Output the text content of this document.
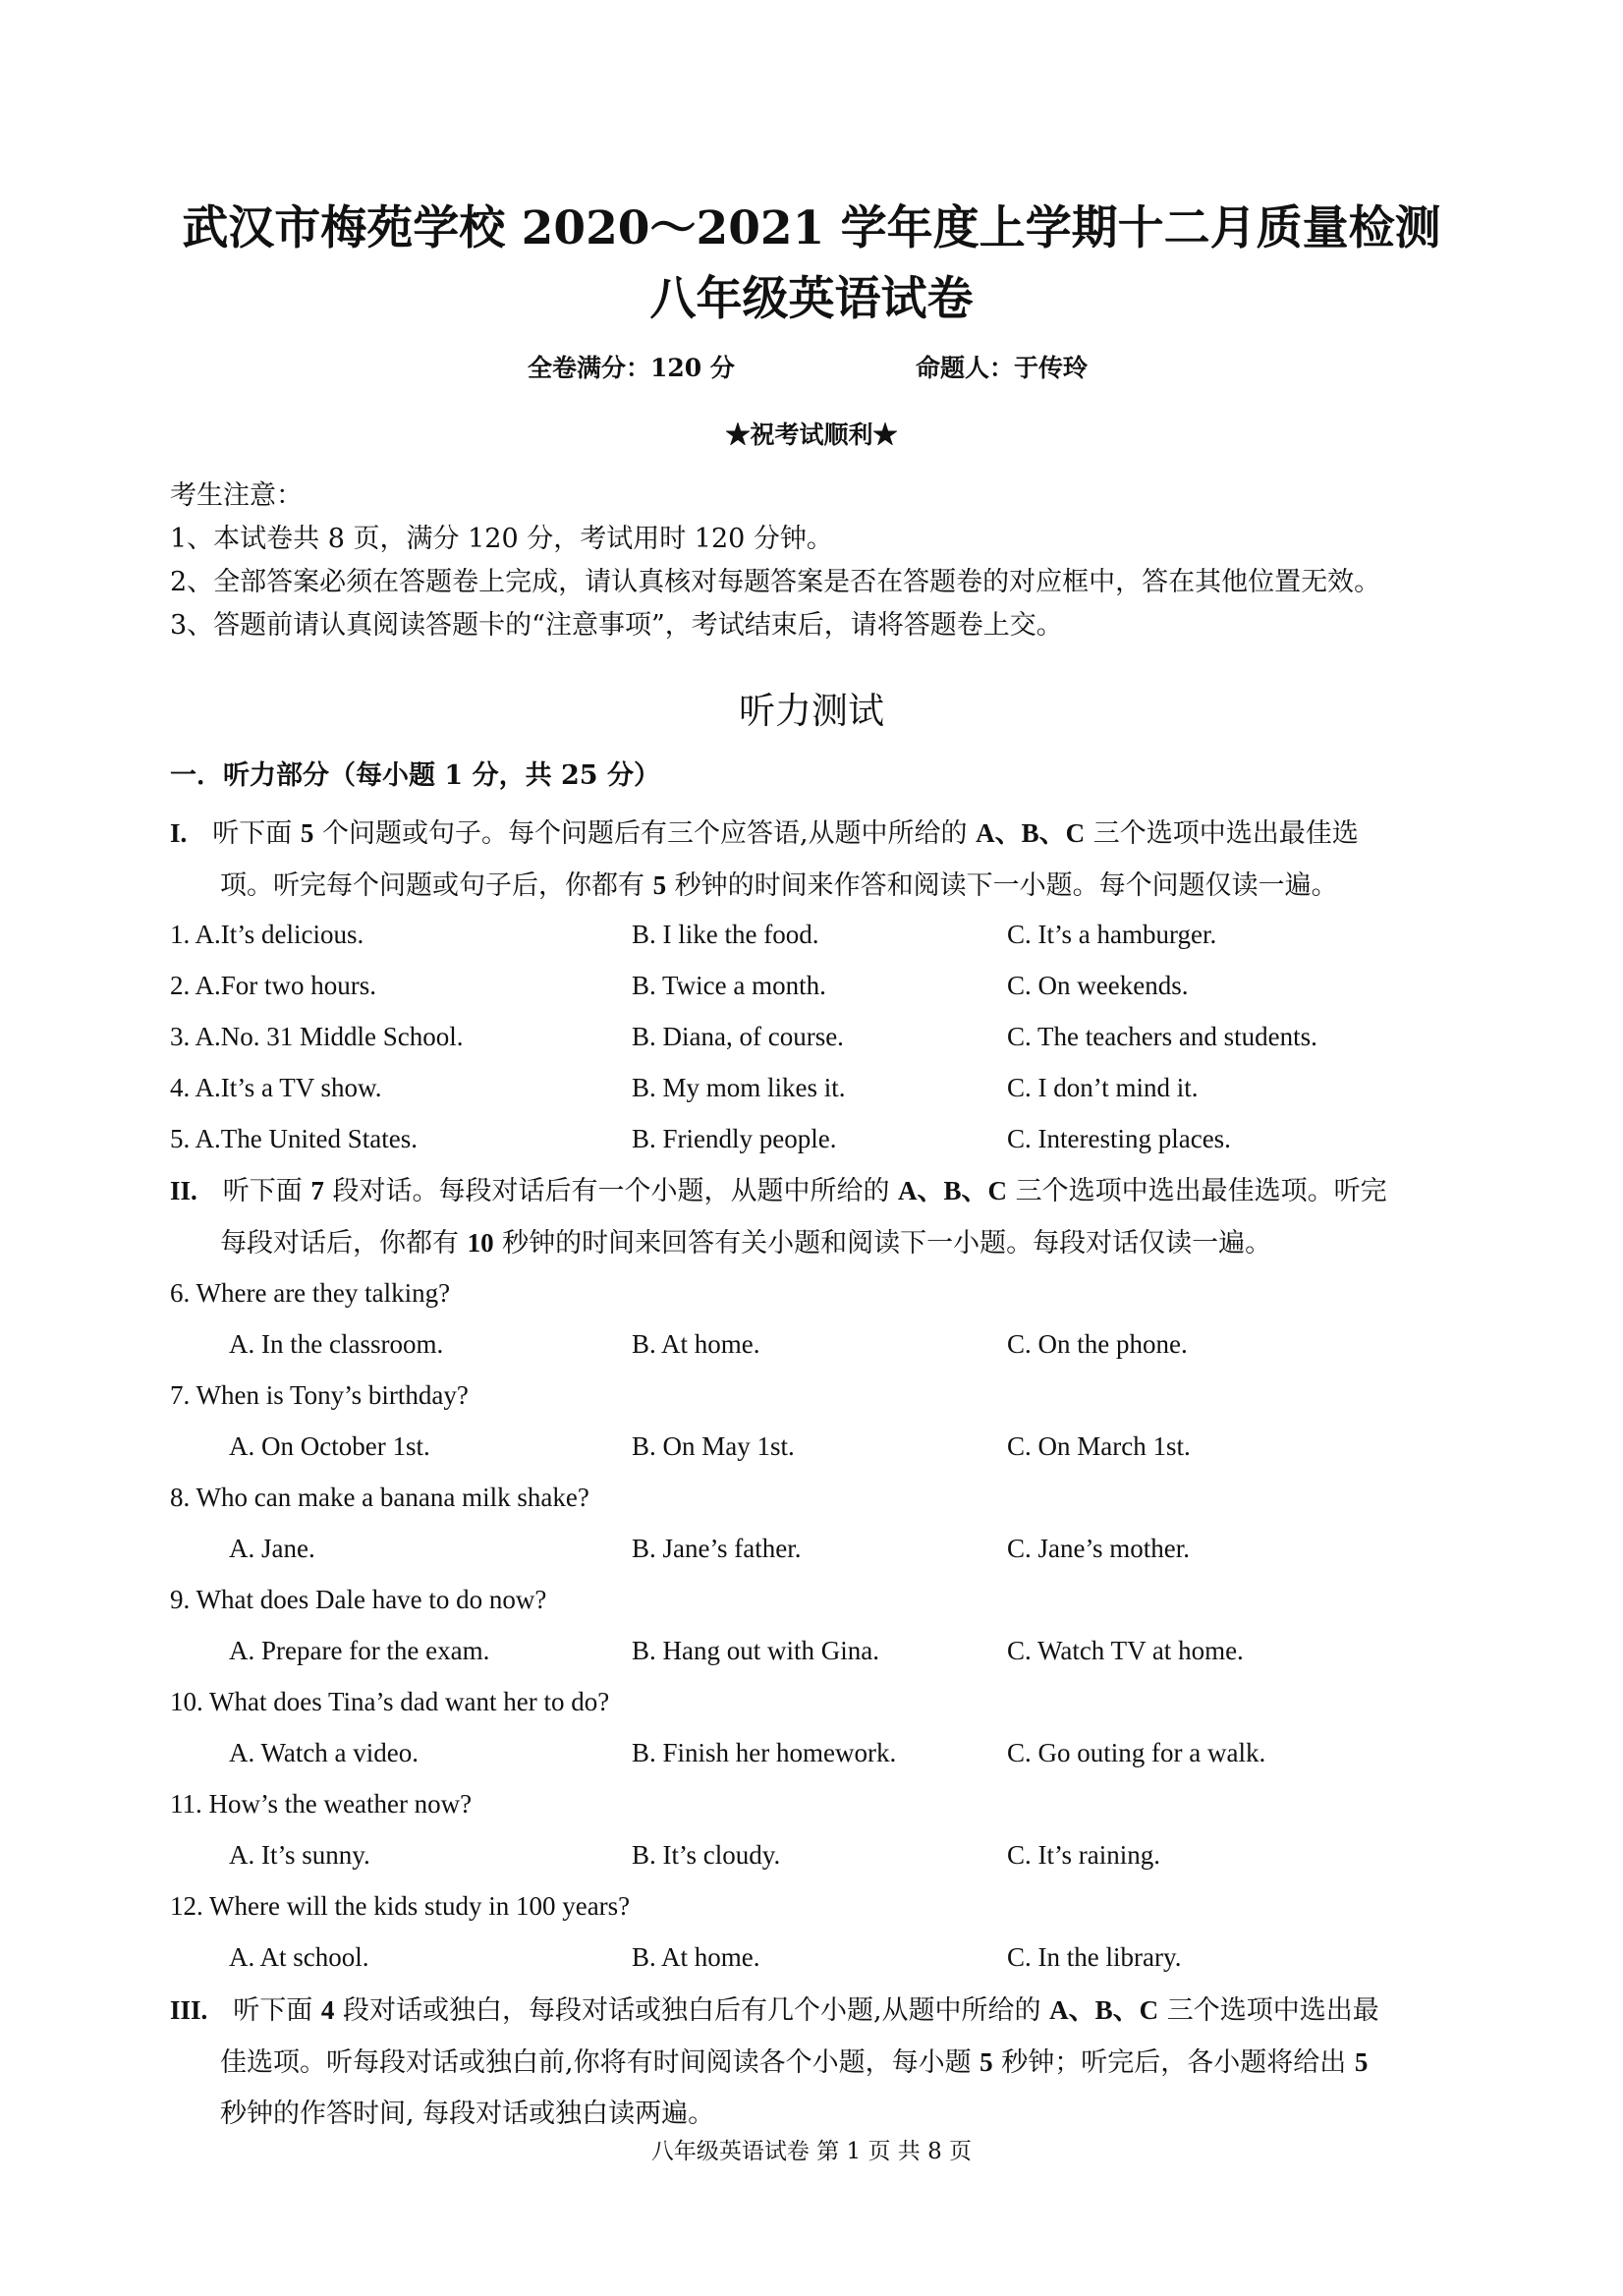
武汉市梅苑学校 2020～2021 学年度上学期十二月质量检测
八年级英语试卷
全卷满分：120 分	命题人：于传玲
★祝考试顺利★
考生注意：
1、本试卷共 8 页，满分 120 分，考试用时 120 分钟。
2、全部答案必须在答题卷上完成，请认真核对每题答案是否在答题卷的对应框中，答在其他位置无效。
3、答题前请认真阅读答题卡的“注意事项”，考试结束后，请将答题卷上交。
听力测试
一．听力部分（每小题 1 分，共 25 分）
I. 听下面 5 个问题或句子。每个问题后有三个应答语,从题中所给的 A、B、C 三个选项中选出最佳选
项。听完每个问题或句子后，你都有 5 秒钟的时间来作答和阅读下一小题。每个问题仅读一遍。
1. A.It’s delicious.	B. I like the food.	C. It’s a hamburger.
2. A.For two hours.	B. Twice a month.	C. On weekends.
3. A.No. 31 Middle School.	B. Diana, of course.	C. The teachers and students.
4. A.It’s a TV show.	B. My mom likes it.	C. I don’t mind it.
5. A.The United States.	B. Friendly people.	C. Interesting places.
II. 听下面 7 段对话。每段对话后有一个小题，从题中所给的 A、B、C 三个选项中选出最佳选项。听完
每段对话后，你都有 10 秒钟的时间来回答有关小题和阅读下一小题。每段对话仅读一遍。
6. Where are they talking?
A. In the classroom.	B. At home.	C. On the phone.
7. When is Tony’s birthday?
A. On October 1st.	B. On May 1st.	C. On March 1st.
8. Who can make a banana milk shake?
A. Jane.	B. Jane’s father.	C. Jane’s mother.
9. What does Dale have to do now?
A. Prepare for the exam.	B. Hang out with Gina.	C. Watch TV at home.
10. What does Tina’s dad want her to do?
A. Watch a video.	B. Finish her homework.	C. Go outing for a walk.
11. How’s the weather now?
A. It’s sunny.	B. It’s cloudy.	C. It’s raining.
12. Where will the kids study in 100 years?
A. At school.	B. At home.	C. In the library.
III. 听下面 4 段对话或独白，每段对话或独白后有几个小题,从题中所给的 A、B、C 三个选项中选出最
佳选项。听每段对话或独白前,你将有时间阅读各个小题，每小题 5 秒钟；听完后，各小题将给出 5
秒钟的作答时间, 每段对话或独白读两遍。
八年级英语试卷 第 1 页 共 8 页
